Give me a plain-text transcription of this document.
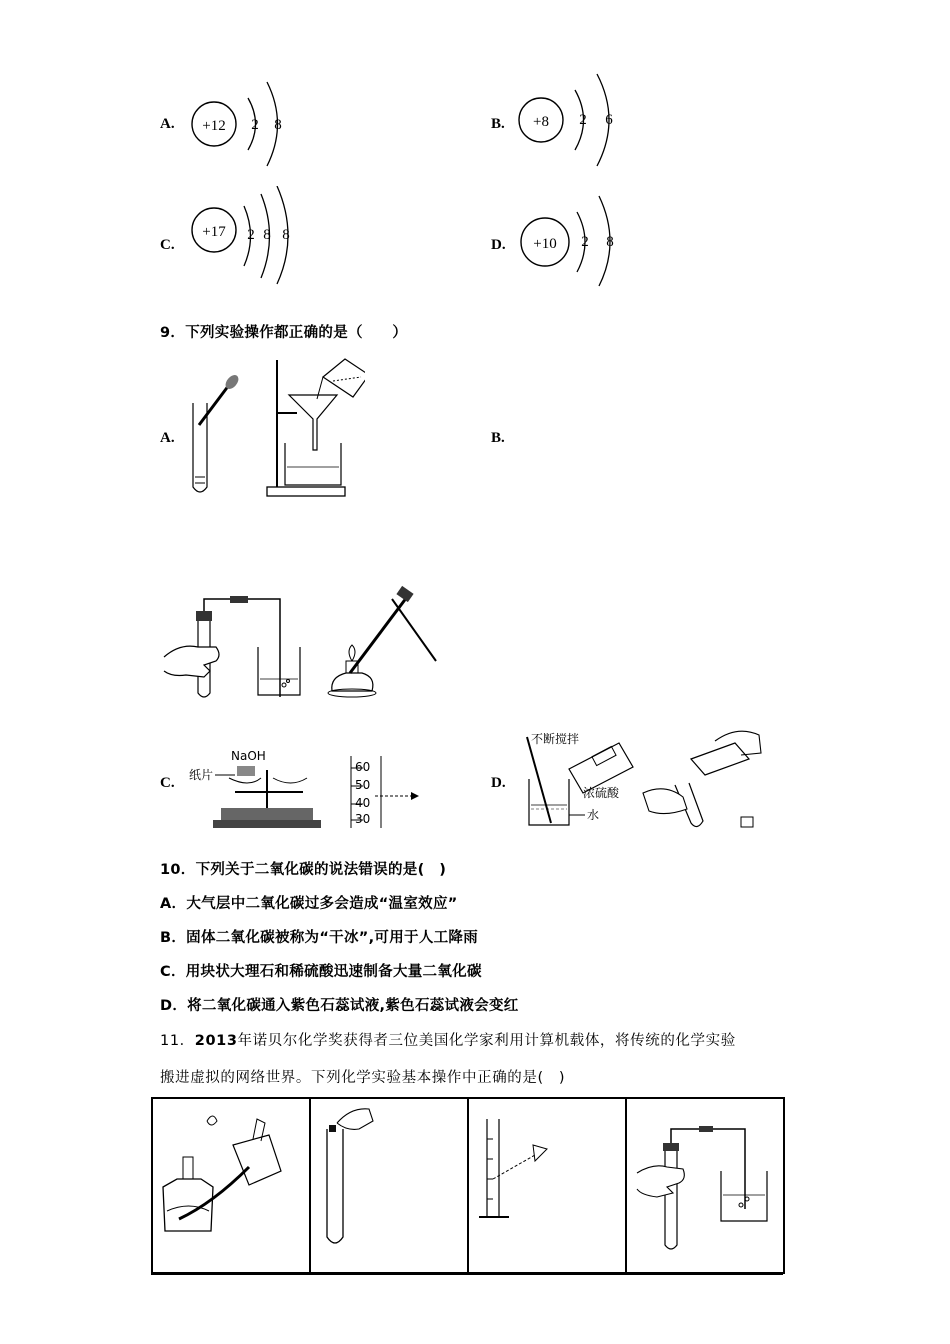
A. +12 2 8	B. +8 2 6
C.
+17 2 8 8
D. +10 2 8
9．下列实验操作都正确的是（　　）
A.	B.
C.
NaOH
纸片
60
50
40
30
D.
不断搅拌
浓硫酸
水
10．下列关于二氧化碳的说法错误的是(　)
A．大气层中二氧化碳过多会造成“温室效应”
B．固体二氧化碳被称为“干冰”,可用于人工降雨
C．用块状大理石和稀硫酸迅速制备大量二氧化碳
D．将二氧化碳通入紫色石蕊试液,紫色石蕊试液会变红
11．2013年诺贝尔化学奖获得者三位美国化学家利用计算机载体，将传统的化学实验
搬进虚拟的网络世界。下列化学实验基本操作中正确的是(　)
